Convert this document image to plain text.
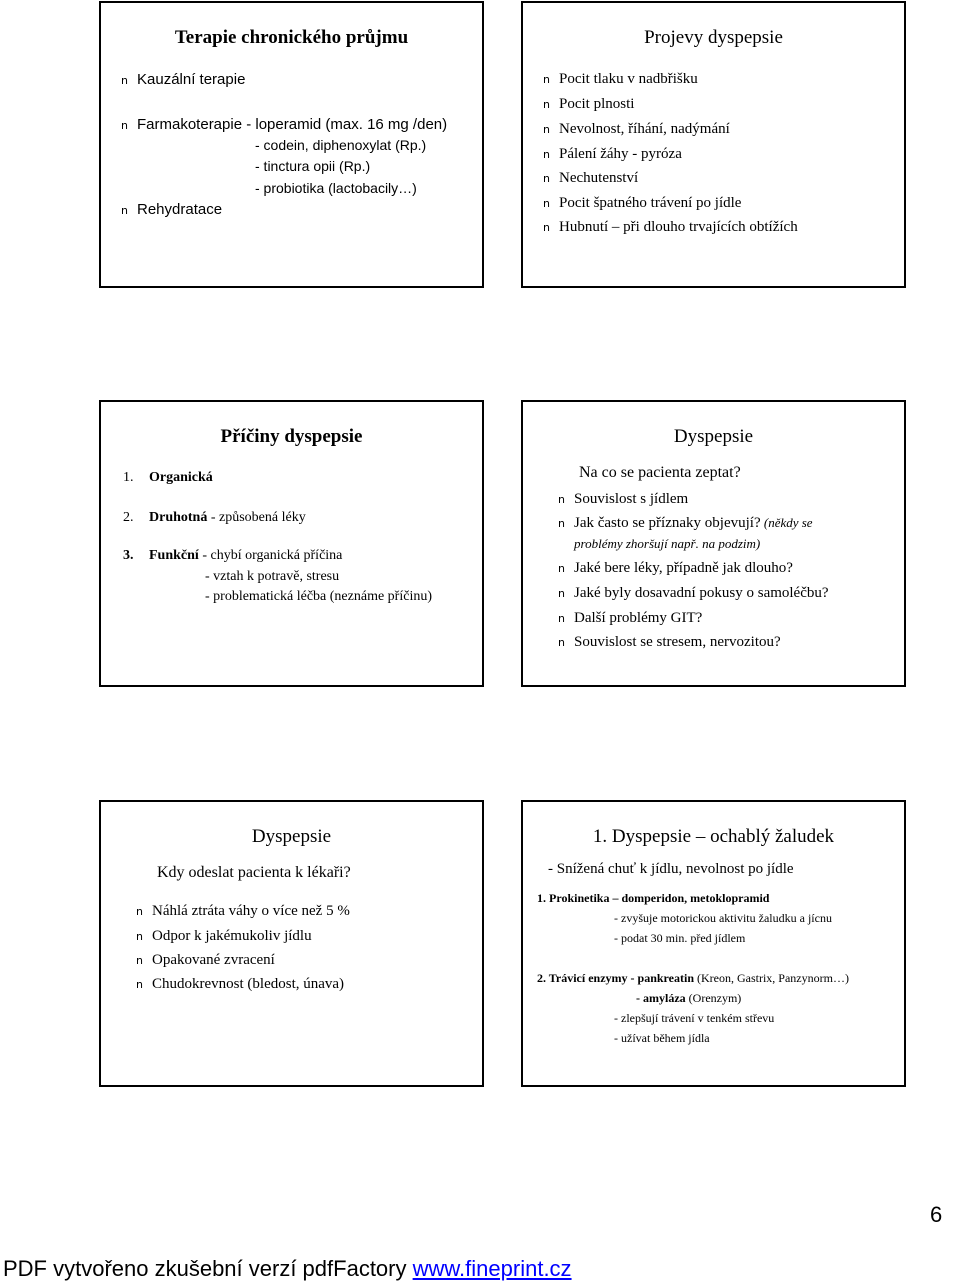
Terapie chronického průjmu
n Kauzální terapie
n Farmakoterapie - loperamid (max. 16 mg /den)
- codein, diphenoxylat (Rp.)
- tinctura opii (Rp.)
- probiotika (lactobacily…)
n Rehydratace
Projevy dyspepsie
n Pocit tlaku v nadbřišku
n Pocit plnosti
n Nevolnost, říhání, nadýmání
n Pálení žáhy - pyróza
n Nechutenství
n Pocit špatného trávení po jídle
n Hubnutí – při dlouho trvajících obtížích
Příčiny dyspepsie
1. Organická
2. Druhotná - způsobená léky
3. Funkční - chybí organická příčina
- vztah k potravě, stresu
- problematická léčba (neznáme příčinu)
Dyspepsie
Na co se pacienta zeptat?
n Souvislost s jídlem
n Jak často se příznaky objevují? (někdy se
problémy zhoršují např. na podzim)
n Jaké bere léky, případně jak dlouho?
n Jaké byly dosavadní pokusy o samoléčbu?
n Další problémy GIT?
n Souvislost se stresem, nervozitou?
Dyspepsie
Kdy odeslat pacienta k lékaři?
n Náhlá ztráta váhy o více než 5 %
n Odpor k jakémukoliv jídlu
n Opakované zvracení
n Chudokrevnost (bledost, únava)
1. Dyspepsie – ochablý žaludek
- Snížená chuť k jídlu, nevolnost po jídle
1. Prokinetika – domperidon, metoklopramid
- zvyšuje motorickou aktivitu žaludku a jícnu
- podat 30 min. před jídlem
2. Trávicí enzymy - pankreatin (Kreon, Gastrix, Panzynorm…)
- amyláza (Orenzym)
- zlepšují trávení v tenkém střevu
- užívat během jídla
6
PDF vytvořeno zkušební verzí pdfFactory www.fineprint.cz
